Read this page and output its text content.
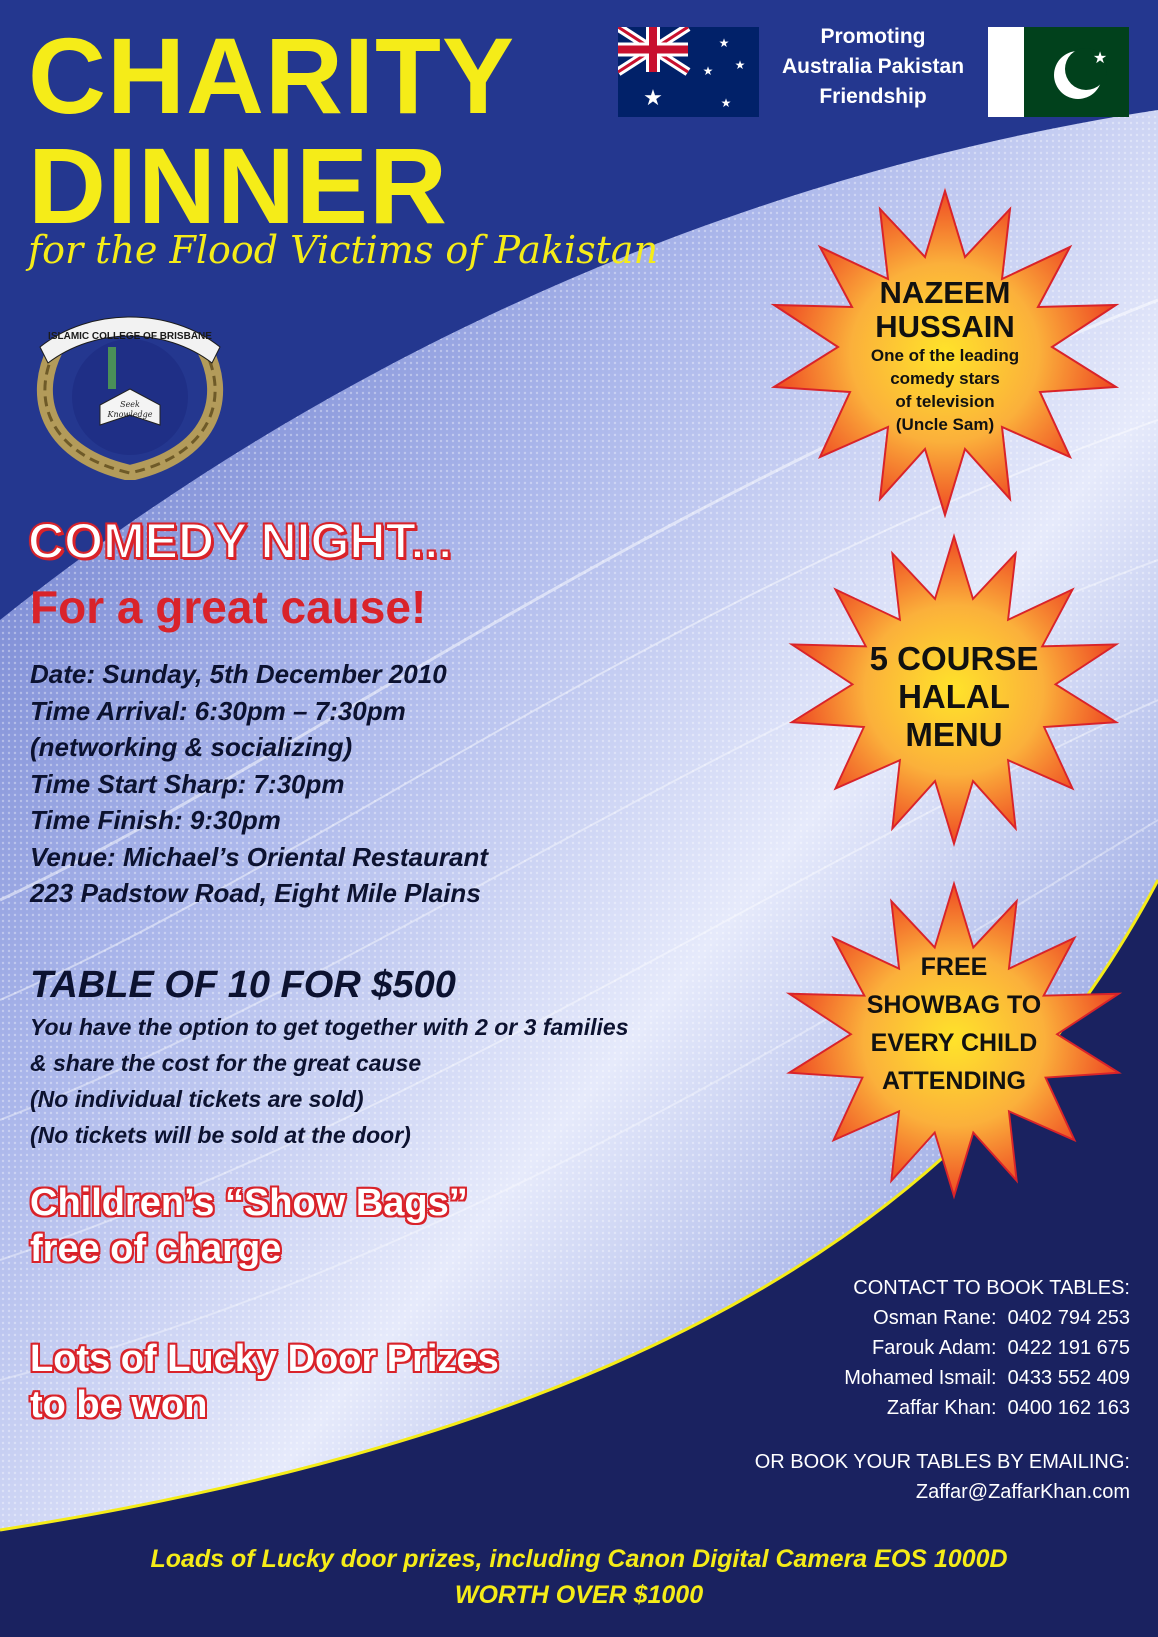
CHARITY
DINNER
for the Flood Victims of Pakistan
★
★
★ ★
★
Promoting
Australia Pakistan
Friendship
★
ISLAMIC COLLEGE OF BRISBANE
Seek
Knowledge
COMEDY NIGHT...
For a great cause!
Date: Sunday, 5th December 2010
Time Arrival: 6:30pm – 7:30pm
(networking & socializing)
Time Start Sharp: 7:30pm
Time Finish: 9:30pm
Venue: Michael’s Oriental Restaurant
223 Padstow Road, Eight Mile Plains
TABLE OF 10 FOR $500
You have the option to get together with 2 or 3 families
& share the cost for the great cause
(No individual tickets are sold)
(No tickets will be sold at the door)
Children’s “Show Bags”
free of charge
Lots of Lucky Door Prizes
to be won
NAZEEM
HUSSAIN
One of the leading
comedy stars
of television
(Uncle Sam)
5 COURSE
HALAL
MENU
FREE
SHOWBAG TO
EVERY CHILD
ATTENDING
CONTACT TO BOOK TABLES:
Osman Rane: 0402 794 253
Farouk Adam: 0422 191 675
Mohamed Ismail: 0433 552 409
Zaffar Khan: 0400 162 163
OR BOOK YOUR TABLES BY EMAILING:
Zaffar@ZaffarKhan.com
Loads of Lucky door prizes, including Canon Digital Camera EOS 1000D
WORTH OVER $1000
